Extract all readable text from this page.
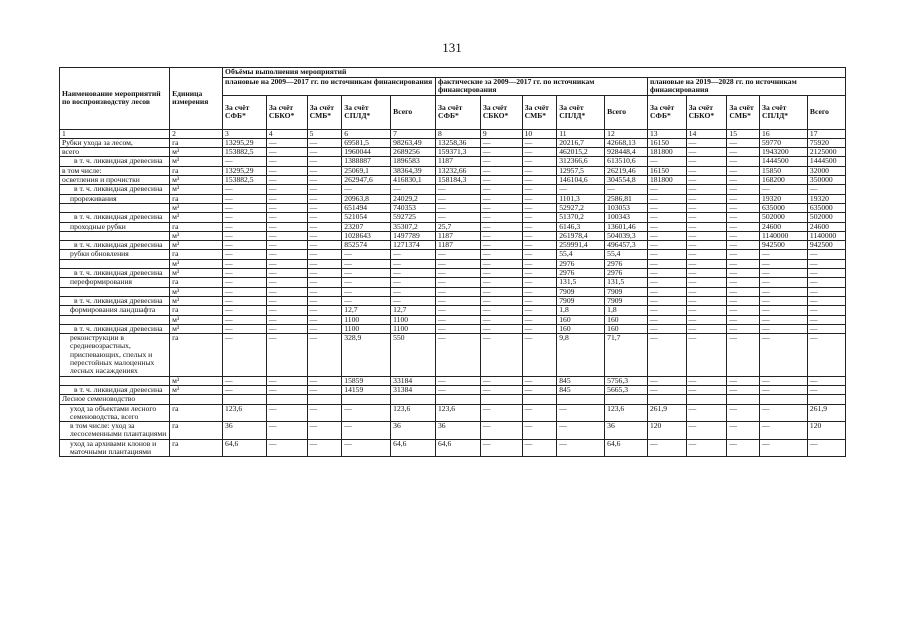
131
Наименование мероприятий по воспроизводству лесов	Единица измерения	Объёмы выполнения мероприятий														
		плановые на 2009—2017 гг. по источникам финансирования					фактические за 2009—2017 гг. по источникам финансирования					плановые на 2019—2028 гг. по источникам финансирования				
		За счёт СФБ*	За счёт СБКО*	За счёт СМБ*	За счёт СПЛД*	Всего	За счёт СФБ*	За счёт СБКО*	За счёт СМБ*	За счёт СПЛД*	Всего	За счёт СФБ*	За счёт СБКО*	За счёт СМБ*	За счёт СПЛД*	Всего
1	2	3	4	5	6	7	8	9	10	11	12	13	14	15	16	17
Рубки ухода за лесом,	га	13295,29	—	—	69581,5	98263,49	13258,36	—	—	20216,7	42668,13	16150	—	—	59770	75920
всего	м³	153882,5	—	—	1960044	2689256	159371,3	—	—	462015,2	928448,4	181800	—	—	1943200	2125000
в т. ч. ликвидная древесина	м³	—	—	—	1388887	1896583	1187	—	—	312366,6	613510,6	—	—	—	1444500	1444500
в том числе:	га	13295,29	—	—	25069,1	38364,39	13232,66	—	—	12957,5	26219,46	16150	—	—	15850	32000
осветления и прочистки	м³	153882,5	—	—	262947,6	416830,1	158184,3	—	—	146104,6	304554,8	181800	—	—	168200	350000
в т. ч. ликвидная древесина	м³	—	—	—	—	—	—	—	—	—	—	—	—	—	—	—
прореживания	га	—	—	—	20963,8	24029,2	—	—	—	1101,3	2586,81	—	—	—	19320	19320
	м³	—	—	—	651494	740353	—	—	—	52927,2	103053	—	—	—	635000	635000
в т. ч. ликвидная древесина	м³	—	—	—	521054	592725	—	—	—	51370,2	100343	—	—	—	502000	502000
проходные рубки	га	—	—	—	23207	35307,2	25,7	—	—	6146,3	13601,46	—	—	—	24600	24600
	м³	—	—	—	1028643	1497789	1187	—	—	261978,4	504039,3	—	—	—	1140000	1140000
в т. ч. ликвидная древесина	м³	—	—	—	852574	1271374	1187	—	—	259991,4	496457,3	—	—	—	942500	942500
рубки обновления	га	—	—	—	—	—	—	—	—	55,4	55,4	—	—	—	—	—
	м³	—	—	—	—	—	—	—	—	2976	2976	—	—	—	—	—
в т. ч. ликвидная древесина	м³	—	—	—	—	—	—	—	—	2976	2976	—	—	—	—	—
переформирования	га	—	—	—	—	—	—	—	—	131,5	131,5	—	—	—	—	—
	м³	—	—	—	—	—	—	—	—	7909	7909	—	—	—	—	—
в т. ч. ликвидная древесина	м³	—	—	—	—	—	—	—	—	7909	7909	—	—	—	—	—
формирования ландшафта	га	—	—	—	12,7	12,7	—	—	—	1,8	1,8	—	—	—	—	—
	м³	—	—	—	1100	1100	—	—	—	160	160	—	—	—	—	—
в т. ч. ликвидная древесина	м³	—	—	—	1100	1100	—	—	—	160	160	—	—	—	—	—
реконструкции в средневозрастных, приспевающих, спелых и перестойных малоценных лесных насаждениях	га	—	—	—	328,9	550	—	—	—	9,8	71,7	—	—	—	—	—
	м³	—	—	—	15859	33184	—	—	—	845	5756,3	—	—	—	—	—
в т. ч. ликвидная древесина	м³	—	—	—	14159	31384	—	—	—	845	5665,3	—	—	—	—	—
Лесное семеноводство																
уход за объектами лесного семеноводства, всего	га	123,6	—	—	—	123,6	123,6	—	—	—	123,6	261,9	—	—	—	261,9
в том числе: уход за лесосеменными плантациями	га	36	—	—	—	36	36	—	—	—	36	120	—	—	—	120
уход за архивами клонов и маточными плантациями	га	64,6	—	—	—	64,6	64,6	—	—	—	64,6	—	—	—	—	—
